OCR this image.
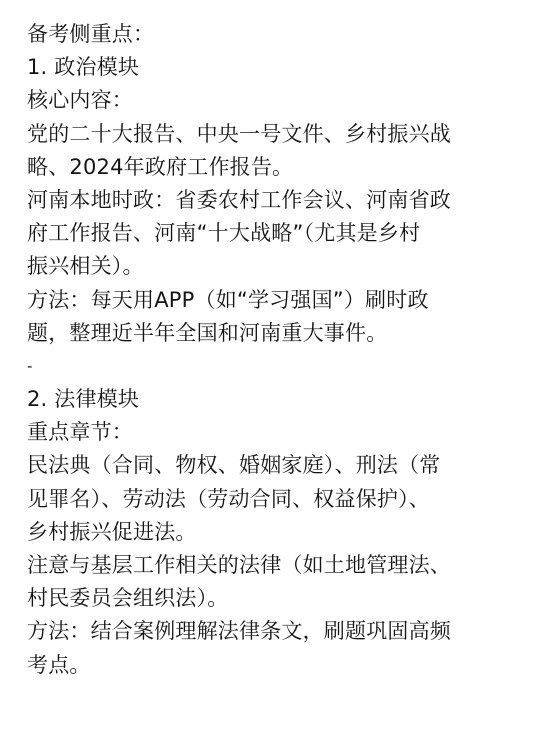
备考侧重点：
1. 政治模块
核心内容：
党的二十大报告、中央一号文件、乡村振兴战
略、2024年政府工作报告。
河南本地时政：省委农村工作会议、河南省政
府工作报告、河南“十大战略”（尤其是乡村
振兴相关）。
方法：每天用APP（如“学习强国”）刷时政
题，整理近半年全国和河南重大事件。
-
2. 法律模块
重点章节：
民法典（合同、物权、婚姻家庭）、刑法（常
见罪名）、劳动法（劳动合同、权益保护）、
乡村振兴促进法。
注意与基层工作相关的法律（如土地管理法、
村民委员会组织法）。
方法：结合案例理解法律条文，刷题巩固高频
考点。
